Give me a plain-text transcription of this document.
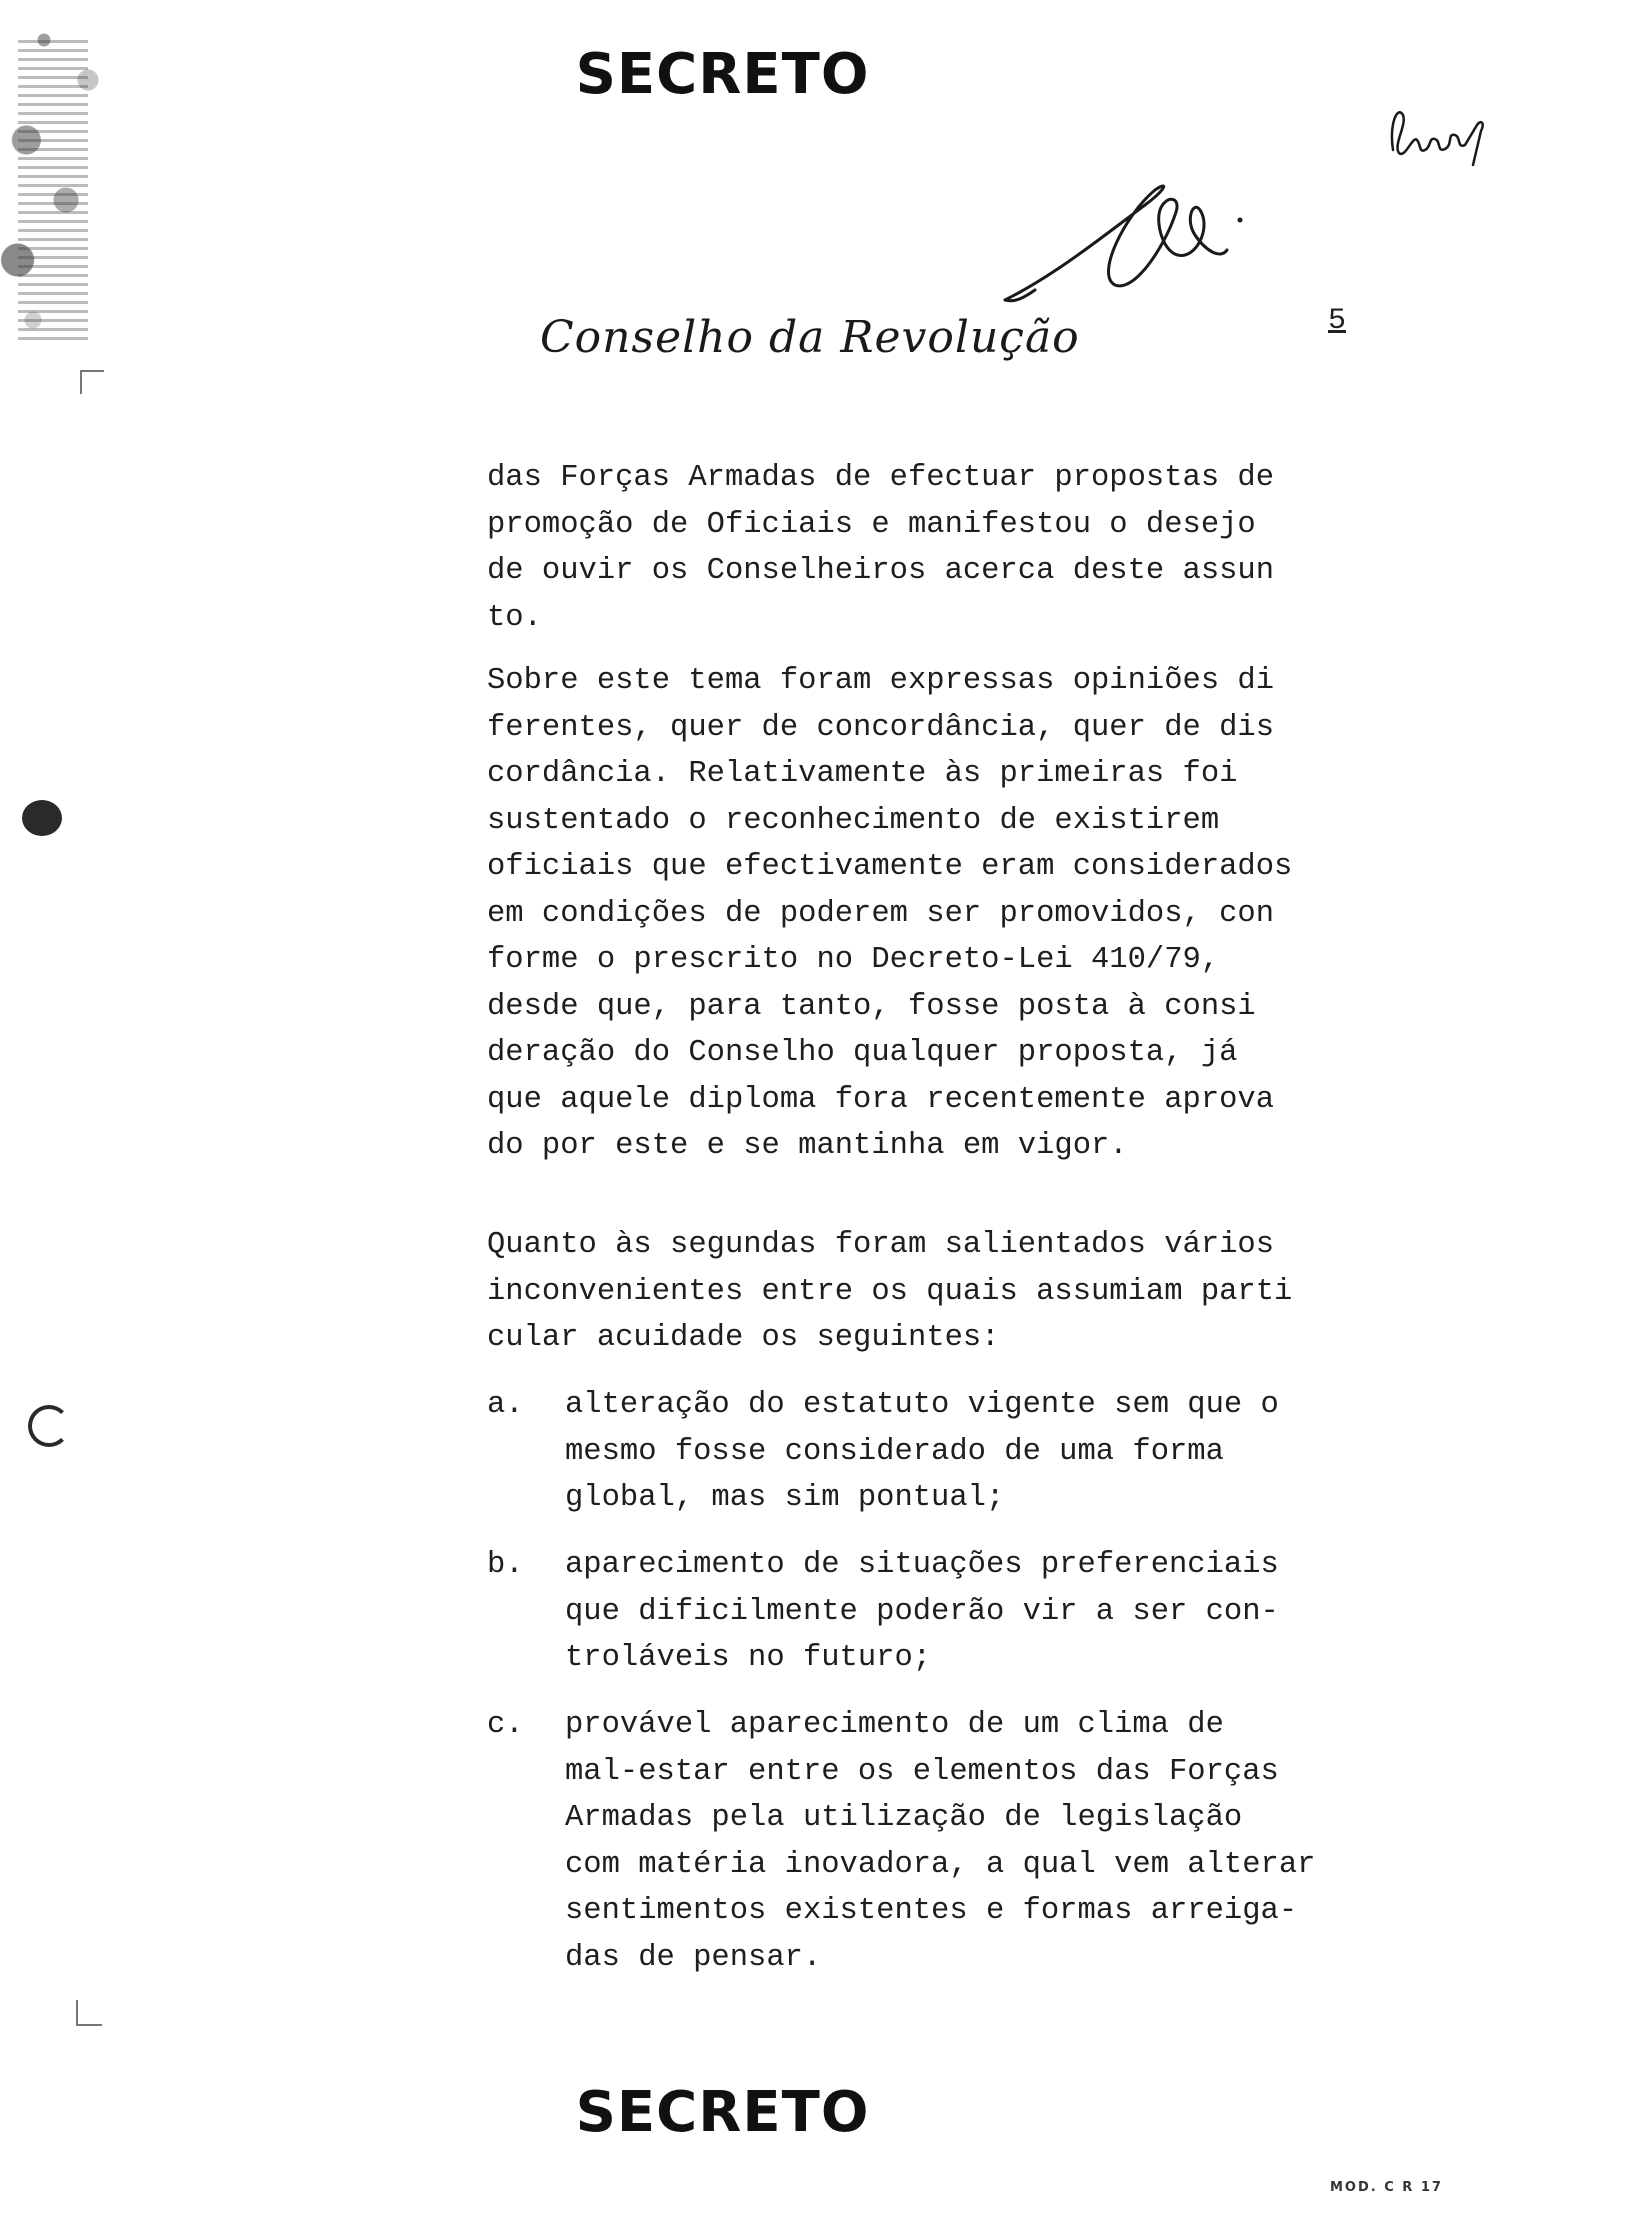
SECRETO
Conselho da Revolução	5
das Forças Armadas de efectuar propostas de
promoção de Oficiais e manifestou o desejo
de ouvir os Conselheiros acerca deste assun
to.
Sobre este tema foram expressas opiniões di
ferentes, quer de concordância, quer de dis
cordância. Relativamente às primeiras foi
sustentado o reconhecimento de existirem
oficiais que efectivamente eram considerados
em condições de poderem ser promovidos, con
forme o prescrito no Decreto-Lei 410/79,
desde que, para tanto, fosse posta à consi
deração do Conselho qualquer proposta, já
que aquele diploma fora recentemente aprova
do por este e se mantinha em vigor.
Quanto às segundas foram salientados vários
inconvenientes entre os quais assumiam parti
cular acuidade os seguintes:
a.	alteração do estatuto vigente sem que o
mesmo fosse considerado de uma forma
global, mas sim pontual;
b.	aparecimento de situações preferenciais
que dificilmente poderão vir a ser con-
troláveis no futuro;
c.	provável aparecimento de um clima de
mal-estar entre os elementos das Forças
Armadas pela utilização de legislação
com matéria inovadora, a qual vem alterar
sentimentos existentes e formas arreiga-
das de pensar.
SECRETO
MOD. C R 17
